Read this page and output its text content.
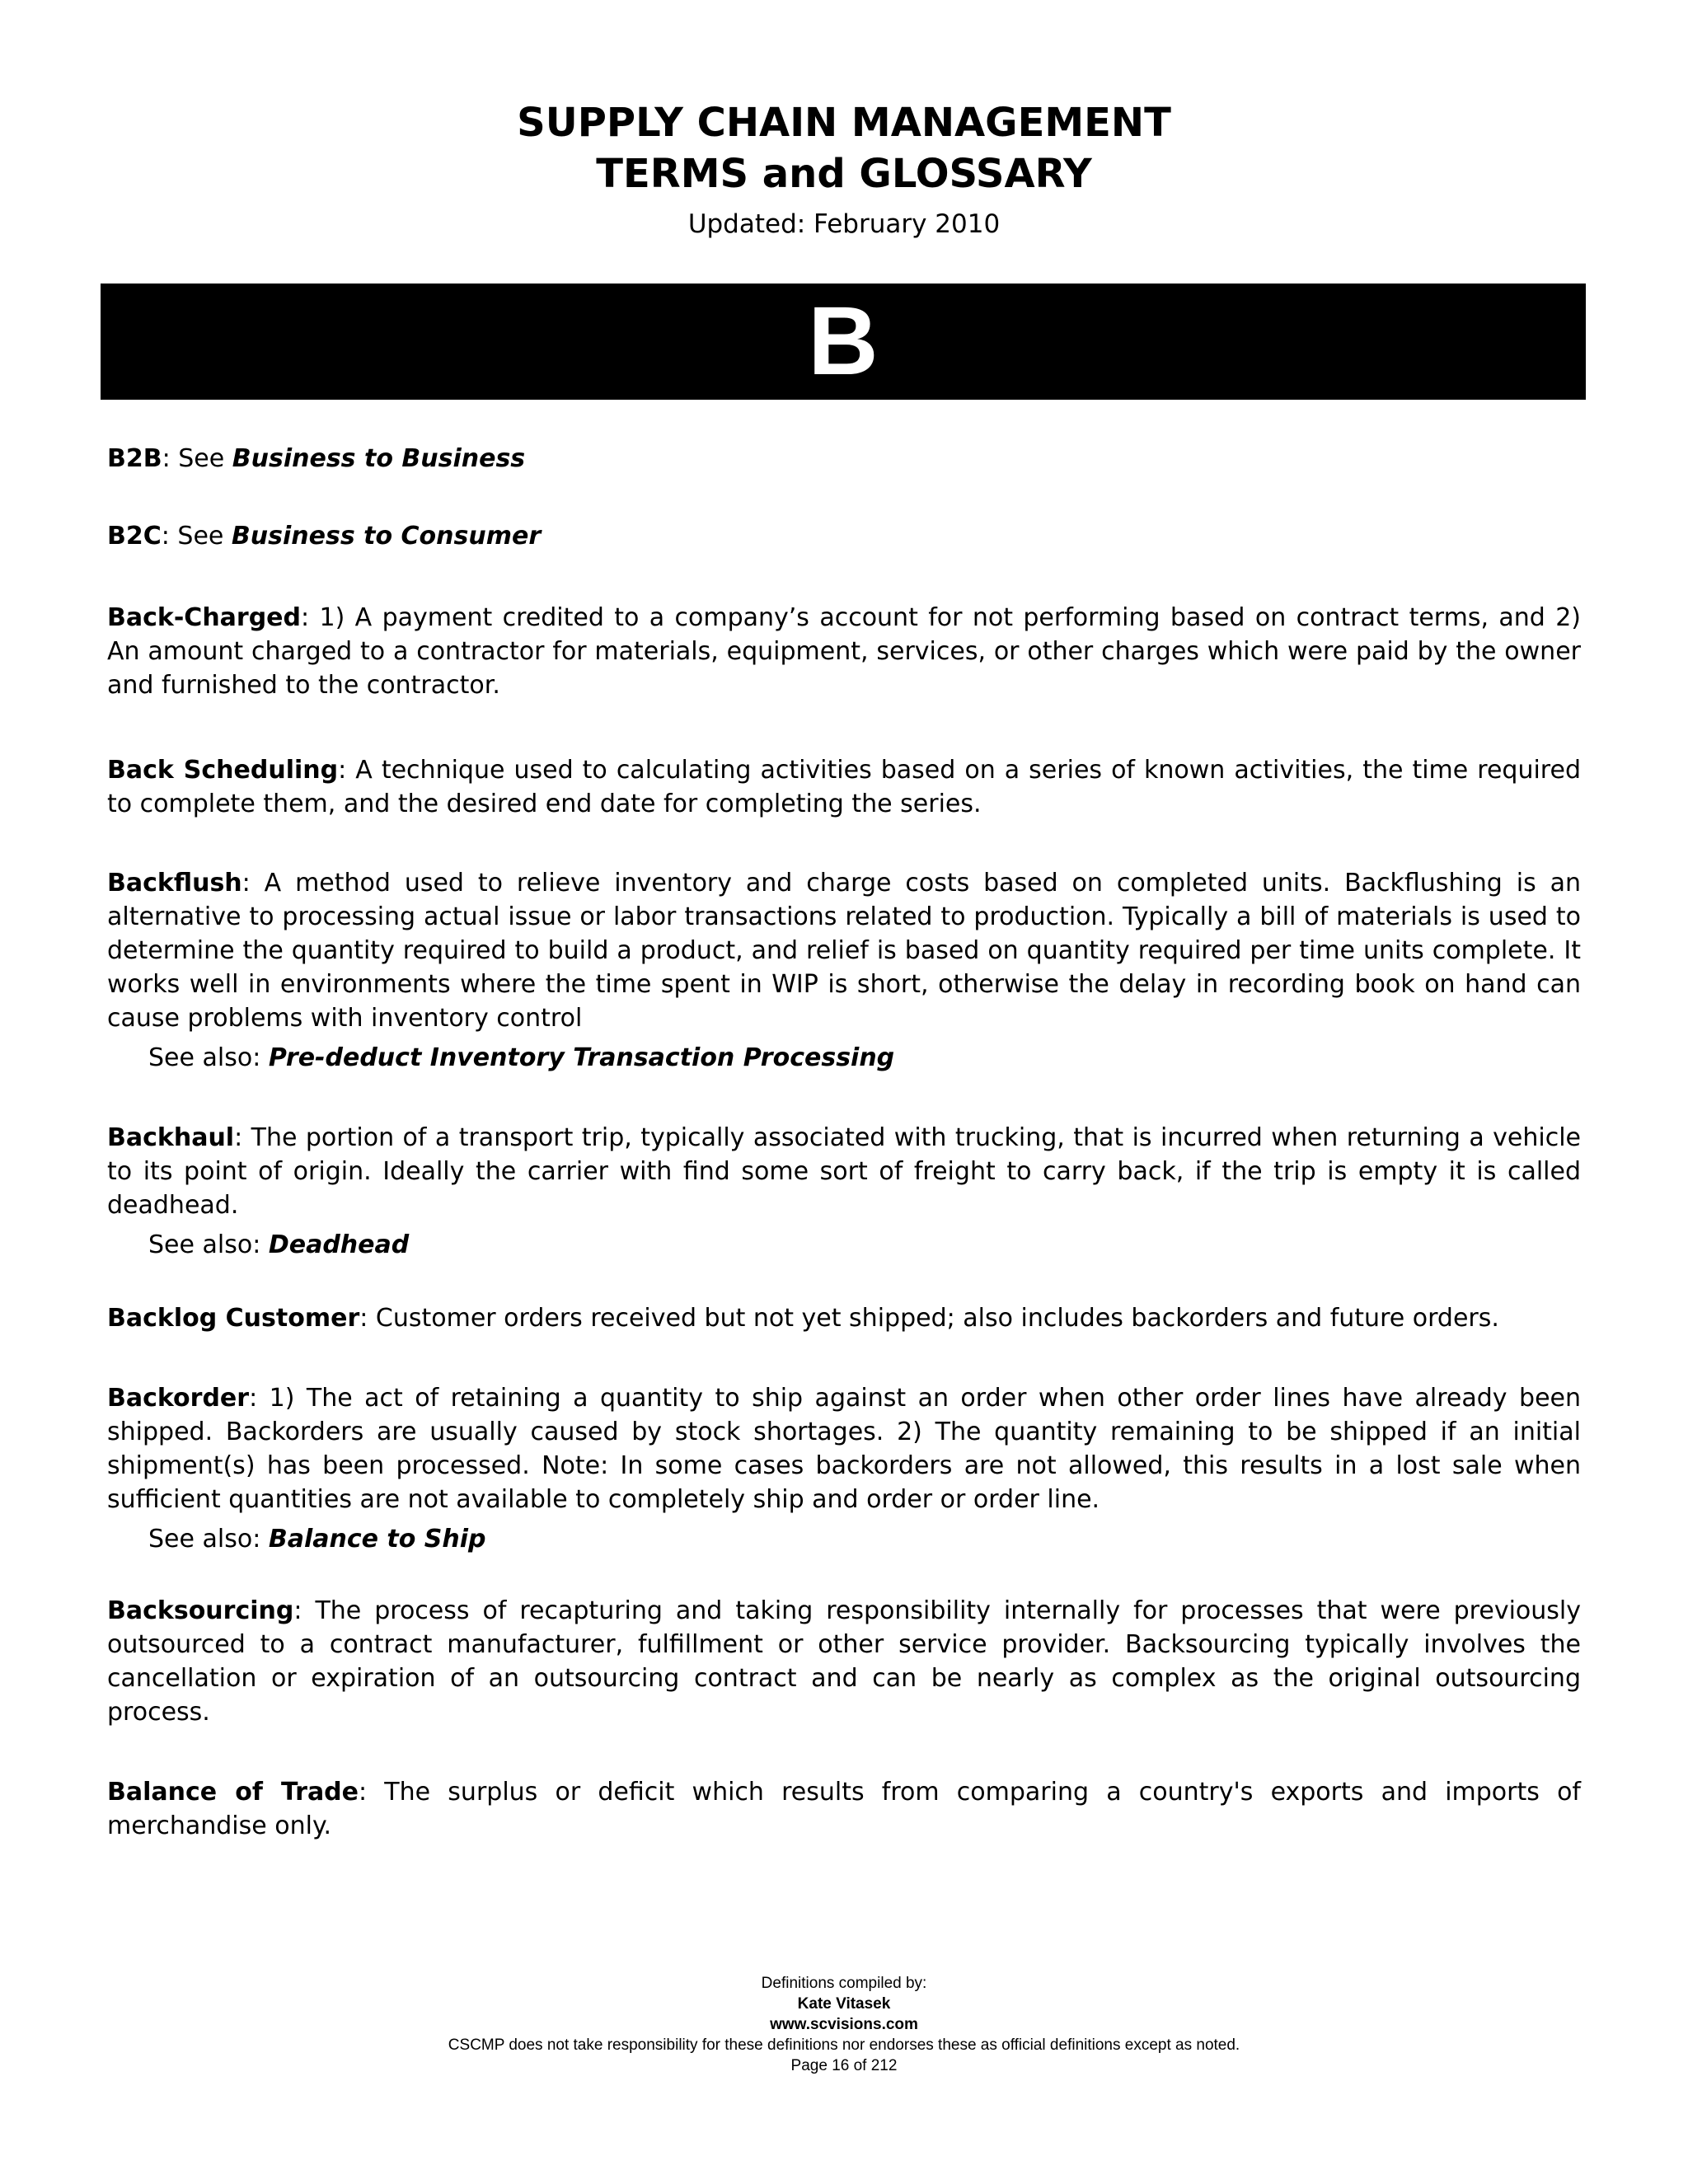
SUPPLY CHAIN MANAGEMENT
TERMS and GLOSSARY
Updated: February 2010
B

B2B: See Business to Business

B2C: See Business to Consumer

Back-Charged: 1) A payment credited to a company’s account for not performing based on contract terms, and 2) An amount charged to a contractor for materials, equipment, services, or other charges which were paid by the owner and furnished to the contractor.

Back Scheduling: A technique used to calculating activities based on a series of known activities, the time required to complete them, and the desired end date for completing the series.

Backflush: A method used to relieve inventory and charge costs based on completed units. Backflushing is an alternative to processing actual issue or labor transactions related to production. Typically a bill of materials is used to determine the quantity required to build a product, and relief is based on quantity required per time units complete. It works well in environments where the time spent in WIP is short, otherwise the delay in recording book on hand can cause problems with inventory control

See also: Pre-deduct Inventory Transaction Processing

Backhaul: The portion of a transport trip, typically associated with trucking, that is incurred when returning a vehicle to its point of origin. Ideally the carrier with find some sort of freight to carry back, if the trip is empty it is called deadhead.

See also: Deadhead

Backlog Customer: Customer orders received but not yet shipped; also includes backorders and future orders.

Backorder: 1) The act of retaining a quantity to ship against an order when other order lines have already been shipped. Backorders are usually caused by stock shortages. 2) The quantity remaining to be shipped if an initial shipment(s) has been processed. Note: In some cases backorders are not allowed, this results in a lost sale when sufficient quantities are not available to completely ship and order or order line.

See also: Balance to Ship

Backsourcing: The process of recapturing and taking responsibility internally for processes that were previously outsourced to a contract manufacturer, fulfillment or other service provider. Backsourcing typically involves the cancellation or expiration of an outsourcing contract and can be nearly as complex as the original outsourcing process.

Balance of Trade: The surplus or deficit which results from comparing a country's exports and imports of merchandise only.

Definitions compiled by:
Kate Vitasek
www.scvisions.com
CSCMP does not take responsibility for these definitions nor endorses these as official definitions except as noted.
Page 16 of 212
